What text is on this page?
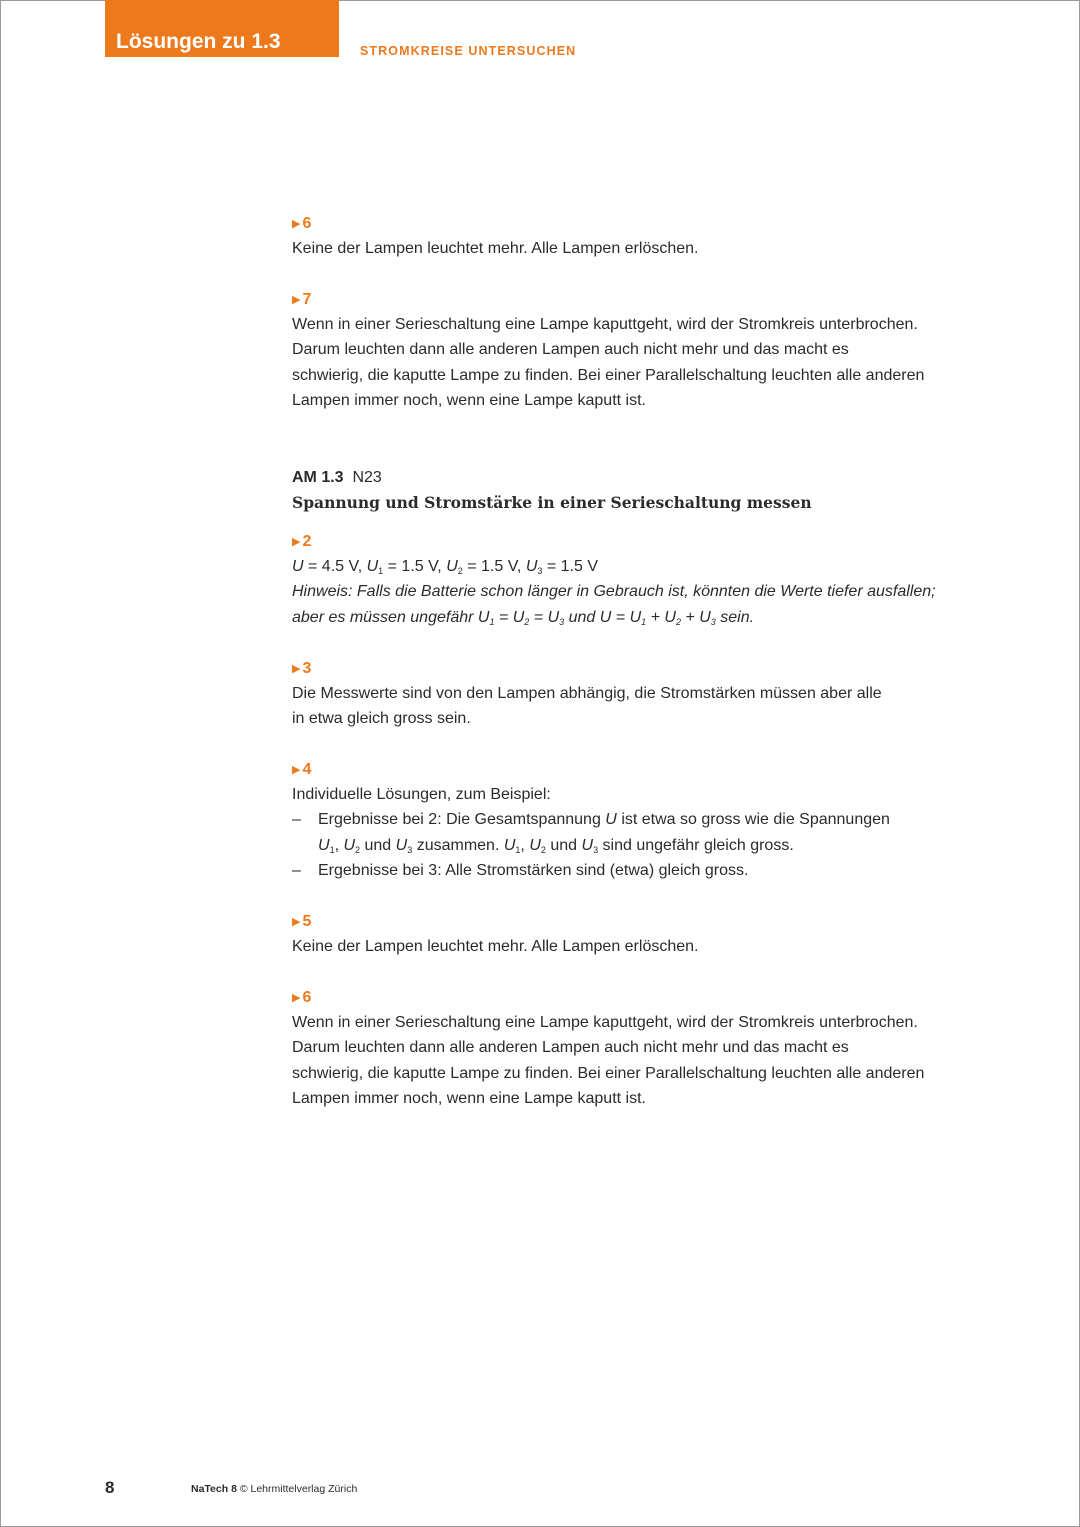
Lösungen zu 1.3	STROMKREISE UNTERSUCHEN
▶ 6
Keine der Lampen leuchtet mehr. Alle Lampen erlöschen.
▶ 7
Wenn in einer Serieschaltung eine Lampe kaputtgeht, wird der Stromkreis unterbrochen.
Darum leuchten dann alle anderen Lampen auch nicht mehr und das macht es
schwierig, die kaputte Lampe zu finden. Bei einer Parallelschaltung leuchten alle anderen
Lampen immer noch, wenn eine Lampe kaputt ist.
AM 1.3 N23
Spannung und Stromstärke in einer Serieschaltung messen
▶ 2
U = 4.5 V, $U_1 = 1.5$ V, $U_2 = 1.5$ V, $U_3 = 1.5$ V
Hinweis: Falls die Batterie schon länger in Gebrauch ist, könnten die Werte tiefer ausfallen;
aber es müssen ungefähr $U_1 = U_2 = U_3$ und $U = U_1 + U_2 + U_3$ sein.
▶ 3
Die Messwerte sind von den Lampen abhängig, die Stromstärken müssen aber alle
in etwa gleich gross sein.
▶ 4
Individuelle Lösungen, zum Beispiel:
– Ergebnisse bei 2: Die Gesamtspannung U ist etwa so gross wie die Spannungen
$U_1$, $U_2$ und $U_3$ zusammen. $U_1$, $U_2$ und $U_3$ sind ungefähr gleich gross.
– Ergebnisse bei 3: Alle Stromstärken sind (etwa) gleich gross.
▶ 5
Keine der Lampen leuchtet mehr. Alle Lampen erlöschen.
▶ 6
Wenn in einer Serieschaltung eine Lampe kaputtgeht, wird der Stromkreis unterbrochen.
Darum leuchten dann alle anderen Lampen auch nicht mehr und das macht es
schwierig, die kaputte Lampe zu finden. Bei einer Parallelschaltung leuchten alle anderen
Lampen immer noch, wenn eine Lampe kaputt ist.
8	NaTech 8 © Lehrmittelverlag Zürich
